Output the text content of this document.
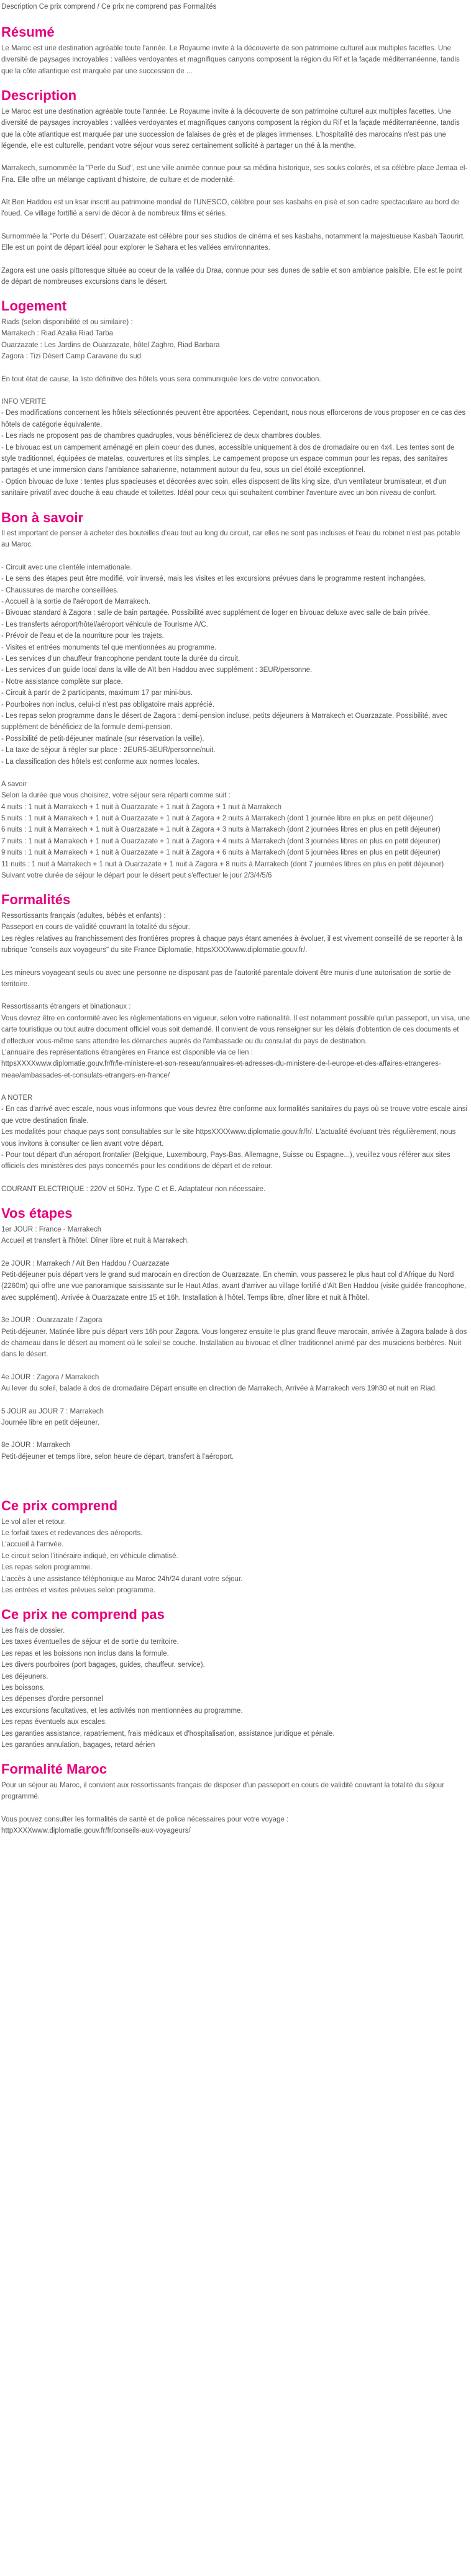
Description Ce prix comprend / Ce prix ne comprend pas Formalités
Résumé

Le Maroc est une destination agréable toute l'année. Le Royaume invite à la découverte de son patrimoine culturel aux multiples facettes. Une diversité de paysages incroyables : vallées verdoyantes et magnifiques canyons composent la région du Rif et la façade méditerranéenne, tandis que la côte atlantique est marquée par une succession de ...

Description

Le Maroc est une destination agréable toute l'année. Le Royaume invite à la découverte de son patrimoine culturel aux multiples facettes. Une diversité de paysages incroyables : vallées verdoyantes et magnifiques canyons composent la région du Rif et la façade méditerranéenne, tandis que la côte atlantique est marquée par une succession de falaises de grès et de plages immenses. L'hospitalité des marocains n'est pas une légende, elle est culturelle, pendant votre séjour vous serez certainement sollicité à partager un thé à la menthe.

Marrakech, surnommée la "Perle du Sud", est une ville animée connue pour sa médina historique, ses souks colorés, et sa célèbre place Jemaa el-Fna. Elle offre un mélange captivant d'histoire, de culture et de modernité.

Aït Ben Haddou est un ksar inscrit au patrimoine mondial de l'UNESCO, célèbre pour ses kasbahs en pisé et son cadre spectaculaire au bord de l'oued. Ce village fortifié a servi de décor à de nombreux films et séries.

Surnommée la "Porte du Désert", Ouarzazate est célèbre pour ses studios de cinéma et ses kasbahs, notamment la majestueuse Kasbah Taourirt. Elle est un point de départ idéal pour explorer le Sahara et les vallées environnantes.

Zagora est une oasis pittoresque située au coeur de la vallée du Draa, connue pour ses dunes de sable et son ambiance paisible. Elle est le point de départ de nombreuses excursions dans le désert.

Logement
Riads (selon disponibilité et ou similaire) :
Marrakech : Riad Azalia Riad Tarba
Ouarzazate : Les Jardins de Ouarzazate, hôtel Zaghro, Riad Barbara
Zagora : Tizi Désert Camp Caravane du sud

En tout état de cause, la liste définitive des hôtels vous sera communiquée lors de votre convocation.

INFO VERITE

- Des modifications concernent les hôtels sélectionnés peuvent être apportées. Cependant, nous nous efforcerons de vous proposer en ce cas des hôtels de catégorie équivalente.
- Les riads ne proposent pas de chambres quadruples, vous bénéficierez de deux chambres doubles.
- Le bivouac est un campement aménagé en plein coeur des dunes, accessible uniquement à dos de dromadaire ou en 4x4. Les tentes sont de style traditionnel, équipées de matelas, couvertures et lits simples. Le campement propose un espace commun pour les repas, des sanitaires partagés et une immersion dans l'ambiance saharienne, notamment autour du feu, sous un ciel étoilé exceptionnel.
- Option bivouac de luxe : tentes plus spacieuses et décorées avec soin, elles disposent de lits king size, d'un ventilateur brumisateur, et d'un sanitaire privatif avec douche à eau chaude et toilettes. Idéal pour ceux qui souhaitent combiner l'aventure avec un bon niveau de confort.
Bon à savoir

Il est important de penser à acheter des bouteilles d'eau tout au long du circuit, car elles ne sont pas incluses et l'eau du robinet n'est pas potable au Maroc.

- Circuit avec une clientèle internationale.
- Le sens des étapes peut être modifié, voir inversé, mais les visites et les excursions prévues dans le programme restent inchangées.
- Chaussures de marche conseillées.
- Accueil à la sortie de l'aéroport de Marrakech.
- Bivouac standard à Zagora : salle de bain partagée. Possibilité avec supplément de loger en bivouac deluxe avec salle de bain privée.
- Les transferts aéroport/hôtel/aéroport véhicule de Tourisme A/C.
- Prévoir de l'eau et de la nourriture pour les trajets.
- Visites et entrées monuments tel que mentionnées au programme.
- Les services d'un chauffeur francophone pendant toute la durée du circuit.
- Les services d'un guide local dans la ville de Aït ben Haddou avec supplément : 3EUR/personne.
- Notre assistance complète sur place.
- Circuit à partir de 2 participants, maximum 17 par mini-bus.
- Pourboires non inclus, celui-ci n'est pas obligatoire mais apprécié.
- Les repas selon programme dans le désert de Zagora : demi-pension incluse, petits déjeuners à Marrakech et Ouarzazate. Possibilité, avec supplément de bénéficiez de la formule demi-pension.
- Possibilité de petit-déjeuner matinale (sur réservation la veille).
- La taxe de séjour à régler sur place : 2EUR5-3EUR/personne/nuit.
- La classification des hôtels est conforme aux normes locales.

A savoir

Selon la durée que vous choisirez, votre séjour sera réparti comme suit :

4 nuits : 1 nuit à Marrakech + 1 nuit à Ouarzazate + 1 nuit à Zagora + 1 nuit à Marrakech
5 nuits : 1 nuit à Marrakech + 1 nuit à Ouarzazate + 1 nuit à Zagora + 2 nuits à Marrakech (dont 1 journée libre en plus en petit déjeuner)
6 nuits : 1 nuit à Marrakech + 1 nuit à Ouarzazate + 1 nuit à Zagora + 3 nuits à Marrakech (dont 2 journées libres en plus en petit déjeuner)
7 nuits : 1 nuit à Marrakech + 1 nuit à Ouarzazate + 1 nuit à Zagora + 4 nuits à Marrakech (dont 3 journées libres en plus en petit déjeuner)
9 nuits : 1 nuit à Marrakech + 1 nuit à Ouarzazate + 1 nuit à Zagora + 6 nuits à Marrakech (dont 5 journées libres en plus en petit déjeuner)
11 nuits : 1 nuit à Marrakech + 1 nuit à Ouarzazate + 1 nuit à Zagora + 8 nuits à Marrakech (dont 7 journées libres en plus en petit déjeuner)
Suivant votre durée de séjour le départ pour le désert peut s'effectuer le jour 2/3/4/5/6
Formalités

Ressortissants français (adultes, bébés et enfants) :
Passeport en cours de validité couvrant la totalité du séjour.
Les règles relatives au franchissement des frontières propres à chaque pays étant amenées à évoluer, il est vivement conseillé de se reporter à la rubrique "conseils aux voyageurs" du site France Diplomatie, httpsXXXXwww.diplomatie.gouv.fr/.

Les mineurs voyageant seuls ou avec une personne ne disposant pas de l'autorité parentale doivent être munis d'une autorisation de sortie de territoire.

Ressortissants étrangers et binationaux :
Vous devrez être en conformité avec les réglementations en vigueur, selon votre nationalité. Il est notamment possible qu'un passeport, un visa, une carte touristique ou tout autre document officiel vous soit demandé. Il convient de vous renseigner sur les délais d'obtention de ces documents et d'effectuer vous-même sans attendre les démarches auprès de l'ambassade ou du consulat du pays de destination.
L'annuaire des représentations étrangères en France est disponible via ce lien :
httpsXXXXwww.diplomatie.gouv.fr/fr/le-ministere-et-son-reseau/annuaires-et-adresses-du-ministere-de-l-europe-et-des-affaires-etrangeres-meae/ambassades-et-consulats-etrangers-en-france/

A NOTER
- En cas d'arrivé avec escale, nous vous informons que vous devrez être conforme aux formalités sanitaires du pays où se trouve votre escale ainsi que votre destination finale.
Les modalités pour chaque pays sont consultables sur le site httpsXXXXwww.diplomatie.gouv.fr/fr/. L'actualité évoluant très régulièrement, nous vous invitons à consulter ce lien avant votre départ.
- Pour tout départ d'un aéroport frontalier (Belgique, Luxembourg, Pays-Bas, Allemagne, Suisse ou Espagne...), veuillez vous référer aux sites officiels des ministères des pays concernés pour les conditions de départ et de retour.

COURANT ELECTRIQUE : 220V et 50Hz. Type C et E. Adaptateur non nécessaire.

Vos étapes

1er JOUR : France - Marrakech

Accueil et transfert à l'hôtel. Dîner libre et nuit à Marrakech.

2e JOUR : Marrakech / Aït Ben Haddou / Ouarzazate

Petit-déjeuner puis départ vers le grand sud marocain en direction de Ouarzazate. En chemin, vous passerez le plus haut col d'Afrique du Nord (2260m) qui offre une vue panoramique saisissante sur le Haut Atlas, avant d'arriver au village fortifié d'Aït Ben Haddou (visite guidée francophone, avec supplément). Arrivée à Ouarzazate entre 15 et 16h. Installation à l'hôtel. Temps libre, dîner libre et nuit à l'hôtel.

3e JOUR : Ouarzazate / Zagora

Petit-déjeuner. Matinée libre puis départ vers 16h pour Zagora. Vous longerez ensuite le plus grand fleuve marocain, arrivée à Zagora balade à dos de chameau dans le désert au moment où le soleil se couche. Installation au bivouac et dîner traditionnel animé par des musiciens berbères. Nuit dans le désert.

4e JOUR : Zagora / Marrakech

Au lever du soleil, balade à dos de dromadaire Départ ensuite en direction de Marrakech, Arrivée à Marrakech vers 19h30 et nuit en Riad.

5 JOUR au JOUR 7 : Marrakech

Journée libre en petit déjeuner.

8e JOUR : Marrakech

Petit-déjeuner et temps libre, selon heure de départ, transfert à l'aéroport.

Ce prix comprend
Le vol aller et retour.
Le forfait taxes et redevances des aéroports.
L'accueil à l'arrivée.
Le circuit selon l'itinéraire indiqué, en véhicule climatisé.
Les repas selon programme.
L'accès à une assistance téléphonique au Maroc 24h/24 durant votre séjour.
Les entrées et visites prévues selon programme.
Ce prix ne comprend pas
Les frais de dossier.
Les taxes éventuelles de séjour et de sortie du territoire.
Les repas et les boissons non inclus dans la formule.
Les divers pourboires (port bagages, guides, chauffeur, service).
Les déjeuners.
Les boissons.
Les dépenses d'ordre personnel
Les excursions facultatives, et les activités non mentionnées au programme.
Les repas éventuels aux escales.
Les garanties assistance, rapatriement, frais médicaux et d'hospitalisation, assistance juridique et pénale.
Les garanties annulation, bagages, retard aérien
Formalité Maroc

Pour un séjour au Maroc, il convient aux ressortissants français de disposer d'un passeport en cours de validité couvrant la totalité du séjour programmé.

Vous pouvez consulter les formalités de santé et de police nécessaires pour votre voyage :
httpXXXXwww.diplomatie.gouv.fr/fr/conseils-aux-voyageurs/
